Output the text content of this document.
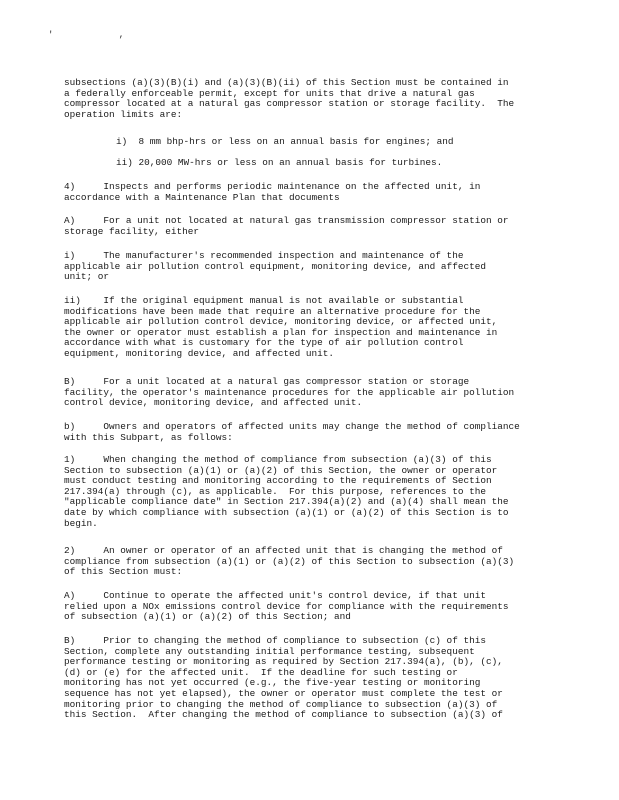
' ,

subsections (a)(3)(B)(i) and (a)(3)(B)(ii) of this Section must be contained in
a federally enforceable permit, except for units that drive a natural gas
compressor located at a natural gas compressor station or storage facility.  The
operation limits are:

i)  8 mm bhp-hrs or less on an annual basis for engines; and

ii) 20,000 MW-hrs or less on an annual basis for turbines.

4)     Inspects and performs periodic maintenance on the affected unit, in
accordance with a Maintenance Plan that documents

A)     For a unit not located at natural gas transmission compressor station or
storage facility, either

i)     The manufacturer's recommended inspection and maintenance of the
applicable air pollution control equipment, monitoring device, and affected
unit; or

ii)    If the original equipment manual is not available or substantial
modifications have been made that require an alternative procedure for the
applicable air pollution control device, monitoring device, or affected unit,
the owner or operator must establish a plan for inspection and maintenance in
accordance with what is customary for the type of air pollution control
equipment, monitoring device, and affected unit.

B)     For a unit located at a natural gas compressor station or storage
facility, the operator's maintenance procedures for the applicable air pollution
control device, monitoring device, and affected unit.

b)     Owners and operators of affected units may change the method of compliance
with this Subpart, as follows:

1)     When changing the method of compliance from subsection (a)(3) of this
Section to subsection (a)(1) or (a)(2) of this Section, the owner or operator
must conduct testing and monitoring according to the requirements of Section
217.394(a) through (c), as applicable.  For this purpose, references to the
"applicable compliance date" in Section 217.394(a)(2) and (a)(4) shall mean the
date by which compliance with subsection (a)(1) or (a)(2) of this Section is to
begin.

2)     An owner or operator of an affected unit that is changing the method of
compliance from subsection (a)(1) or (a)(2) of this Section to subsection (a)(3)
of this Section must:

A)     Continue to operate the affected unit's control device, if that unit
relied upon a NOx emissions control device for compliance with the requirements
of subsection (a)(1) or (a)(2) of this Section; and

B)     Prior to changing the method of compliance to subsection (c) of this
Section, complete any outstanding initial performance testing, subsequent
performance testing or monitoring as required by Section 217.394(a), (b), (c),
(d) or (e) for the affected unit.  If the deadline for such testing or
monitoring has not yet occurred (e.g., the five-year testing or monitoring
sequence has not yet elapsed), the owner or operator must complete the test or
monitoring prior to changing the method of compliance to subsection (a)(3) of
this Section.  After changing the method of compliance to subsection (a)(3) of
